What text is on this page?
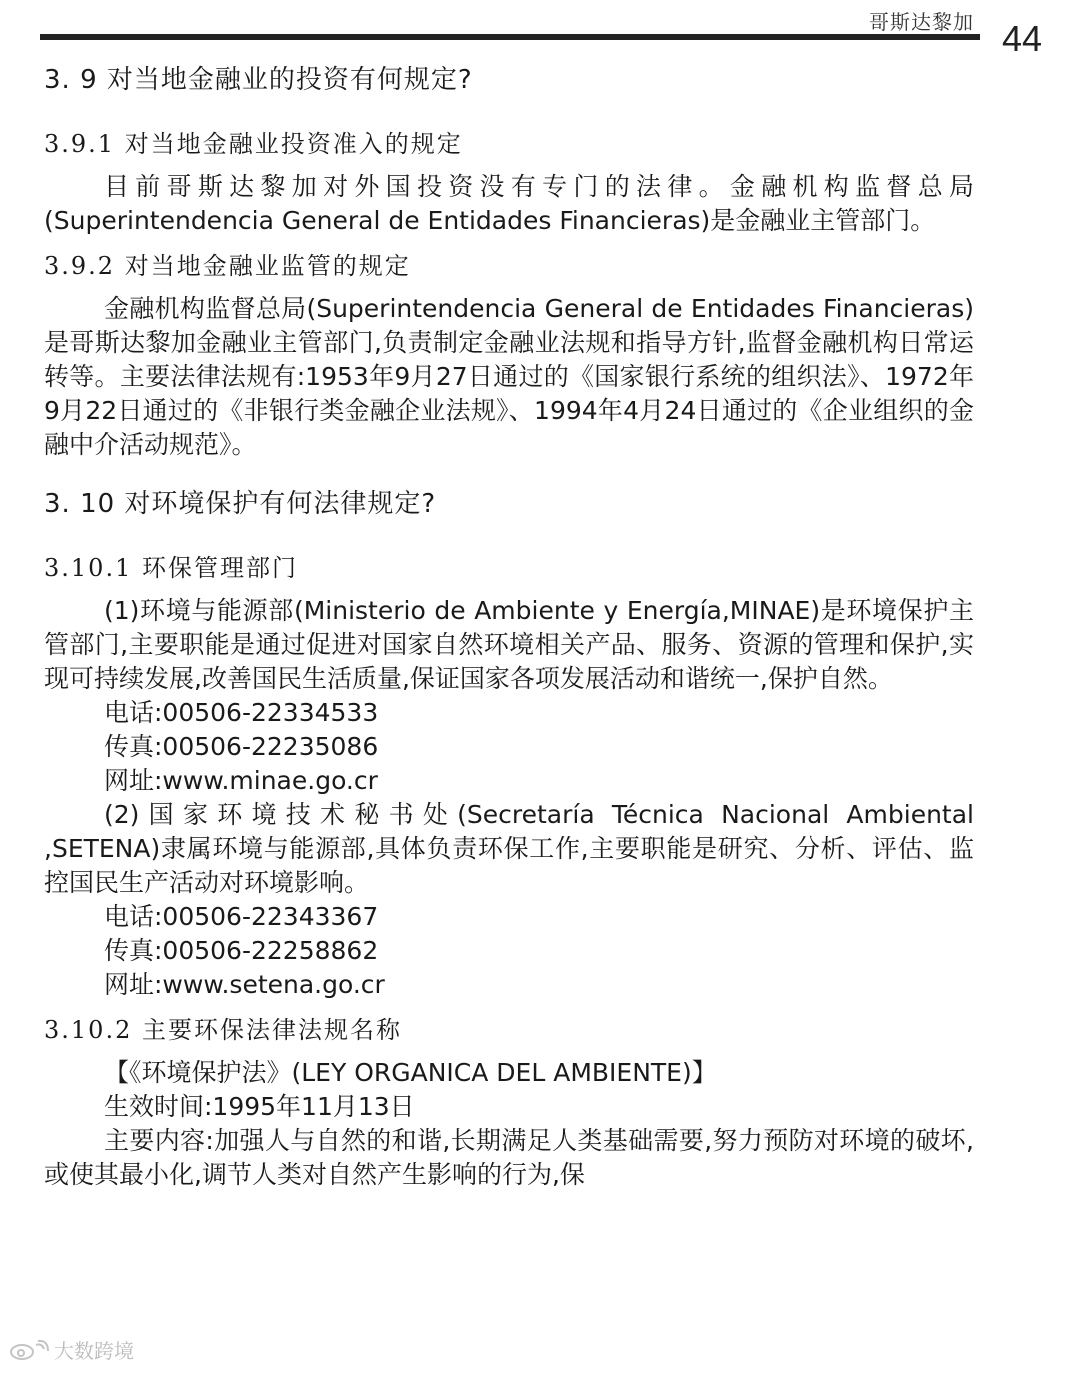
哥斯达黎加 44
3. 9 对当地金融业的投资有何规定?
3.9.1 对当地金融业投资准入的规定

目前哥斯达黎加对外国投资没有专门的法律。金融机构监督总局(Superintendencia General de Entidades Financieras)是金融业主管部门。

3.9.2 对当地金融业监管的规定

金融机构监督总局(Superintendencia General de Entidades Financieras)是哥斯达黎加金融业主管部门,负责制定金融业法规和指导方针,监督金融机构日常运转等。主要法律法规有:1953年9月27日通过的《国家银行系统的组织法》、1972年9月22日通过的《非银行类金融企业法规》、1994年4月24日通过的《企业组织的金融中介活动规范》。

3. 10 对环境保护有何法律规定?
3.10.1 环保管理部门

(1)环境与能源部(Ministerio de Ambiente y Energía,MINAE)是环境保护主管部门,主要职能是通过促进对国家自然环境相关产品、服务、资源的管理和保护,实现可持续发展,改善国民生活质量,保证国家各项发展活动和谐统一,保护自然。

电话:00506-22334533

传真:00506-22235086

网址:www.minae.go.cr

(2)国家环境技术秘书处(Secretaría Técnica Nacional Ambiental ,SETENA)隶属环境与能源部,具体负责环保工作,主要职能是研究、分析、评估、监控国民生产活动对环境影响。

电话:00506-22343367

传真:00506-22258862

网址:www.setena.go.cr

3.10.2 主要环保法律法规名称

【《环境保护法》(LEY ORGANICA DEL AMBIENTE)】

生效时间:1995年11月13日

主要内容:加强人与自然的和谐,长期满足人类基础需要,努力预防对环境的破坏,或使其最小化,调节人类对自然产生影响的行为,保

大数跨境
